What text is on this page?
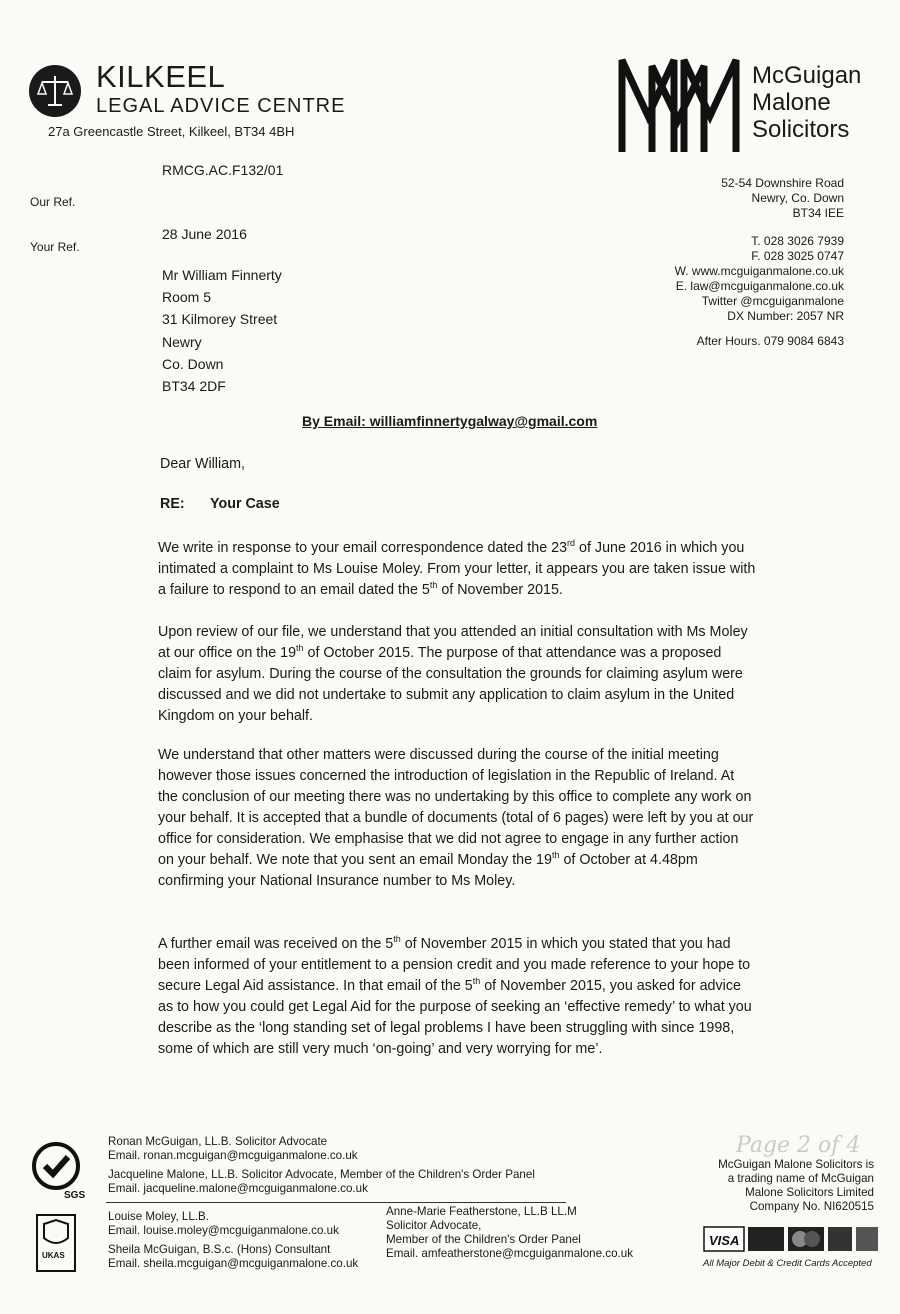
KILKEEL
LEGAL ADVICE CENTRE
27a Greencastle Street, Kilkeel, BT34 4BH
McGuigan
Malone
Solicitors
52-54 Downshire Road
Newry, Co. Down
BT34 IEE
T. 028 3026 7939
F. 028 3025 0747
W. www.mcguiganmalone.co.uk
E. law@mcguiganmalone.co.uk
Twitter @mcguiganmalone
DX Number: 2057 NR
After Hours. 079 9084 6843
Our Ref.
Your Ref.
RMCG.AC.F132/01
28 June 2016
Mr William Finnerty
Room 5
31 Kilmorey Street
Newry
Co. Down
BT34 2DF
By Email: williamfinnertygalway@gmail.com
Dear William,
RE: Your Case
We write in response to your email correspondence dated the 23rd of June 2016 in which you intimated a complaint to Ms Louise Moley. From your letter, it appears you are taken issue with a failure to respond to an email dated the 5th of November 2015.
Upon review of our file, we understand that you attended an initial consultation with Ms Moley at our office on the 19th of October 2015. The purpose of that attendance was a proposed claim for asylum. During the course of the consultation the grounds for claiming asylum were discussed and we did not undertake to submit any application to claim asylum in the United Kingdom on your behalf.
We understand that other matters were discussed during the course of the initial meeting however those issues concerned the introduction of legislation in the Republic of Ireland. At the conclusion of our meeting there was no undertaking by this office to complete any work on your behalf. It is accepted that a bundle of documents (total of 6 pages) were left by you at our office for consideration. We emphasise that we did not agree to engage in any further action on your behalf. We note that you sent an email Monday the 19th of October at 4.48pm confirming your National Insurance number to Ms Moley.
A further email was received on the 5th of November 2015 in which you stated that you had been informed of your entitlement to a pension credit and you made reference to your hope to secure Legal Aid assistance. In that email of the 5th of November 2015, you asked for advice as to how you could get Legal Aid for the purpose of seeking an ‘effective remedy’ to what you describe as the ‘long standing set of legal problems I have been struggling with since 1998, some of which are still very much ‘on-going’ and very worrying for me’.
Page 2 of 4
SGS
UKAS
Ronan McGuigan, LL.B. Solicitor Advocate
Email. ronan.mcguigan@mcguiganmalone.co.uk
Jacqueline Malone, LL.B. Solicitor Advocate, Member of the Children's Order Panel
Email. jacqueline.malone@mcguiganmalone.co.uk
Louise Moley, LL.B.
Email. louise.moley@mcguiganmalone.co.uk
Sheila McGuigan, B.S.c. (Hons) Consultant
Email. sheila.mcguigan@mcguiganmalone.co.uk
Anne-Marie Featherstone, LL.B LL.M
Solicitor Advocate,
Member of the Children's Order Panel
Email. amfeatherstone@mcguiganmalone.co.uk
McGuigan Malone Solicitors is
a trading name of McGuigan
Malone Solicitors Limited
Company No. NI620515
VISA
All Major Debit & Credit Cards Accepted
